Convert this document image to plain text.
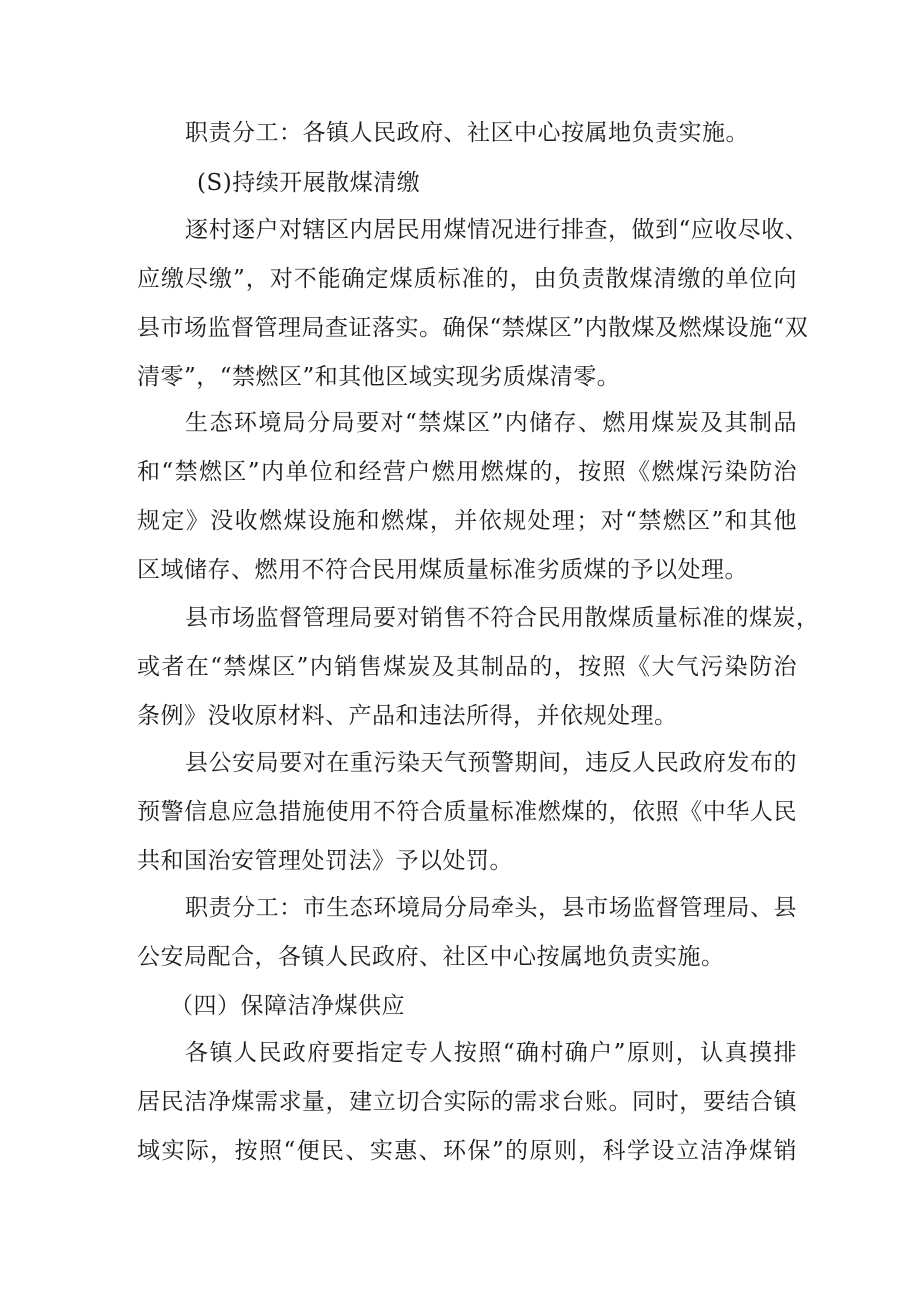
职责分工：各镇人民政府、社区中心按属地负责实施。
(S)持续开展散煤清缴
逐村逐户对辖区内居民用煤情况进行排查，做到“应收尽收、
应缴尽缴”，对不能确定煤质标准的，由负责散煤清缴的单位向
县市场监督管理局查证落实。确保“禁煤区”内散煤及燃煤设施“双
清零”，“禁燃区”和其他区域实现劣质煤清零。
生态环境局分局要对“禁煤区”内储存、燃用煤炭及其制品
和“禁燃区”内单位和经营户燃用燃煤的，按照《燃煤污染防治
规定》没收燃煤设施和燃煤，并依规处理；对“禁燃区”和其他
区域储存、燃用不符合民用煤质量标准劣质煤的予以处理。
县市场监督管理局要对销售不符合民用散煤质量标准的煤炭，
或者在“禁煤区”内销售煤炭及其制品的，按照《大气污染防治
条例》没收原材料、产品和违法所得，并依规处理。
县公安局要对在重污染天气预警期间，违反人民政府发布的
预警信息应急措施使用不符合质量标准燃煤的，依照《中华人民
共和国治安管理处罚法》予以处罚。
职责分工：市生态环境局分局牵头，县市场监督管理局、县
公安局配合，各镇人民政府、社区中心按属地负责实施。
（四）保障洁净煤供应
各镇人民政府要指定专人按照“确村确户”原则，认真摸排
居民洁净煤需求量，建立切合实际的需求台账。同时，要结合镇
域实际，按照“便民、实惠、环保”的原则，科学设立洁净煤销
